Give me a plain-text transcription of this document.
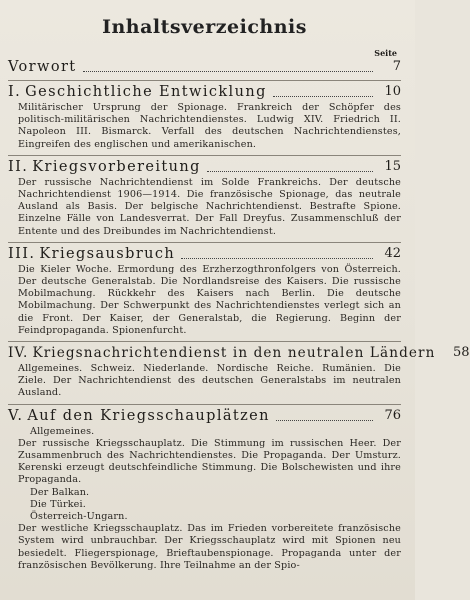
Inhaltsverzeichnis
Seite
Vorwort	7
I. Geschichtliche Entwicklung	10
Militärischer Ursprung der Spionage. Frankreich der Schöpfer des politisch-militärischen Nachrichtendienstes. Ludwig XIV. Friedrich II. Napoleon III. Bismarck. Verfall des deutschen Nachrichtendienstes, Eingreifen des englischen und amerikanischen.
II. Kriegsvorbereitung	15
Der russische Nachrichtendienst im Solde Frankreichs. Der deutsche Nachrichtendienst 1906—1914. Die französische Spionage, das neutrale Ausland als Basis. Der belgische Nachrichtendienst. Bestrafte Spione. Einzelne Fälle von Landesverrat. Der Fall Dreyfus. Zusammenschluß der Entente und des Dreibundes im Nachrichtendienst.
III. Kriegsausbruch	42
Die Kieler Woche. Ermordung des Erzherzogthronfolgers von Österreich. Der deutsche Generalstab. Die Nordlandsreise des Kaisers. Die russische Mobilmachung. Rückkehr des Kaisers nach Berlin. Die deutsche Mobilmachung. Der Schwerpunkt des Nachrichtendienstes verlegt sich an die Front. Der Kaiser, der Generalstab, die Regierung. Beginn der Feindpropaganda. Spionenfurcht.
IV. Kriegsnachrichtendienst in den neutralen Ländern	58
Allgemeines. Schweiz. Niederlande. Nordische Reiche. Rumänien. Die Ziele. Der Nachrichtendienst des deutschen Generalstabs im neutralen Ausland.
V. Auf den Kriegsschauplätzen	76
Allgemeines.
Der russische Kriegsschauplatz. Die Stimmung im russischen Heer. Der Zusammenbruch des Nachrichtendienstes. Die Propaganda. Der Umsturz. Kerenski erzeugt deutschfeindliche Stimmung. Die Bolschewisten und ihre Propaganda.
Der Balkan.
Die Türkei.
Österreich-Ungarn.
Der westliche Kriegsschauplatz. Das im Frieden vorbereitete französische System wird unbrauchbar. Der Kriegsschauplatz wird mit Spionen neu besiedelt. Fliegerspionage, Brieftaubenspionage. Propaganda unter der französischen Bevölkerung. Ihre Teilnahme an der Spio-
